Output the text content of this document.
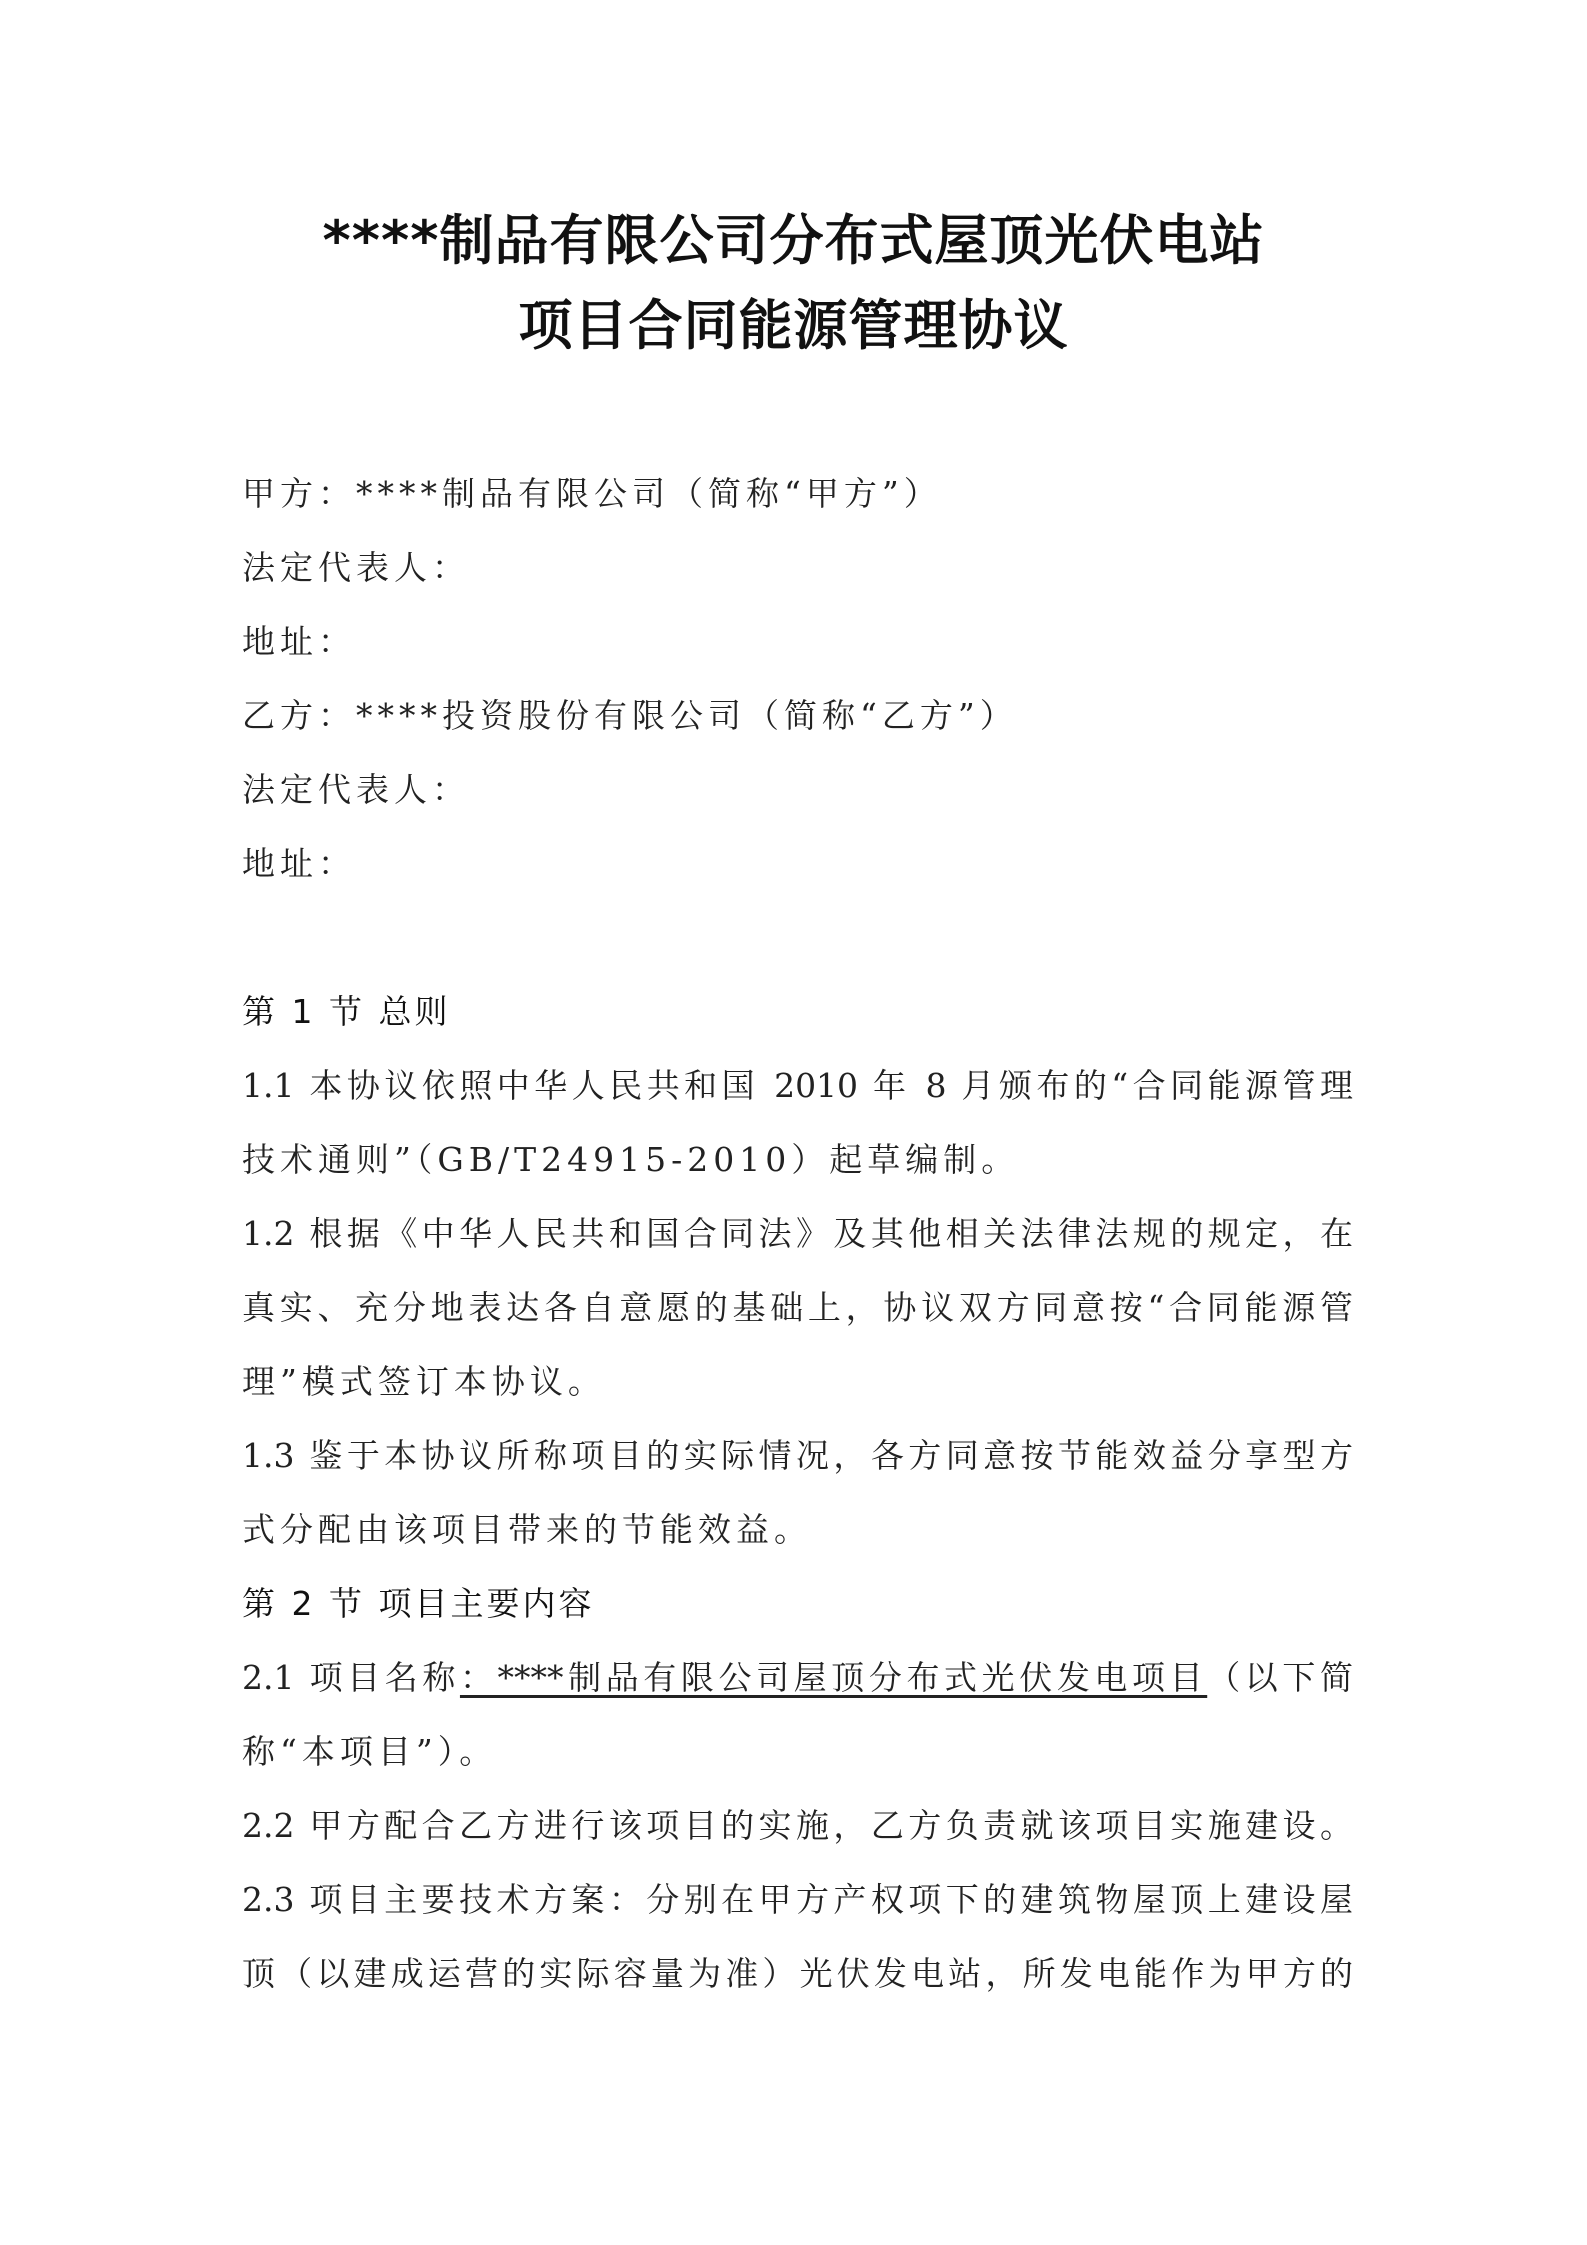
****制品有限公司分布式屋顶光伏电站
项目合同能源管理协议
甲方：****制品有限公司（简称“甲方”）
法定代表人：
地址：
乙方：****投资股份有限公司（简称“乙方”）
法定代表人：
地址：
第 1 节 总则
1.1 本协议依照中华人民共和国 2010 年 8 月颁布的“合同能源管理
技术通则”（GB/T24915-2010）起草编制。
1.2 根据《中华人民共和国合同法》及其他相关法律法规的规定，在
真实、充分地表达各自意愿的基础上，协议双方同意按“合同能源管
理”模式签订本协议。
1.3 鉴于本协议所称项目的实际情况，各方同意按节能效益分享型方
式分配由该项目带来的节能效益。
第 2 节 项目主要内容
2.1 项目名称：****制品有限公司屋顶分布式光伏发电项目（以下简
称“本项目”）。
2.2 甲方配合乙方进行该项目的实施，乙方负责就该项目实施建设。
2.3 项目主要技术方案：分别在甲方产权项下的建筑物屋顶上建设屋
顶（以建成运营的实际容量为准）光伏发电站，所发电能作为甲方的
